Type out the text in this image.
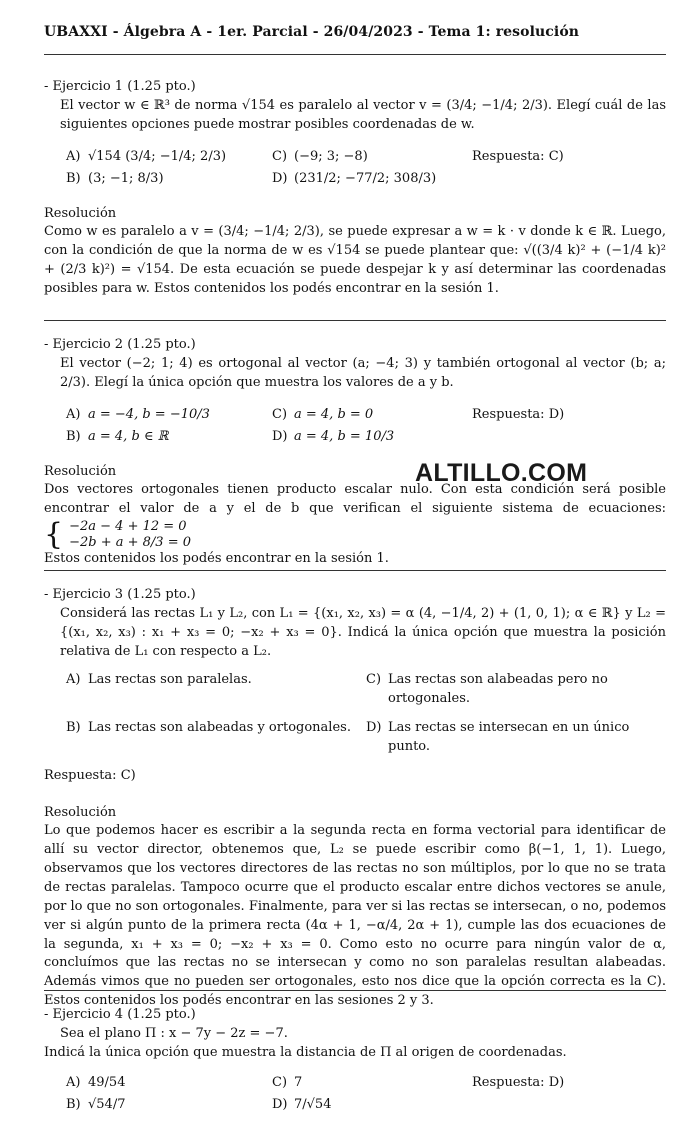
UBAXXI - Álgebra A - 1er. Parcial - 26/04/2023 - Tema 1: resolución

- Ejercicio 1 (1.25 pto.)

El vector w ∈ ℝ³ de norma √154 es paralelo al vector v = (3/4; −1/4; 2/3). Elegí cuál de las siguientes opciones puede mostrar posibles coordenadas de w.

A) √154 (3/4; −1/4; 2/3)	C) (−9; 3; −8)	Respuesta: C)
B) (3; −1; 8/3)	D) (231/2; −77/2; 308/3)

Resolución

Como w es paralelo a v = (3/4; −1/4; 2/3), se puede expresar a w = k · v donde k ∈ ℝ. Luego, con la condición de que la norma de w es √154 se puede plantear que: √((3/4 k)² + (−1/4 k)² + (2/3 k)²) = √154. De esta ecuación se puede despejar k y así determinar las coordenadas posibles para w. Estos contenidos los podés encontrar en la sesión 1.

- Ejercicio 2 (1.25 pto.)

El vector (−2; 1; 4) es ortogonal al vector (a; −4; 3) y también ortogonal al vector (b; a; 2/3). Elegí la única opción que muestra los valores de a y b.

A) a = −4, b = −10/3	C) a = 4, b = 0	Respuesta: D)
B) a = 4, b ∈ ℝ	D) a = 4, b = 10/3

Resolución

Dos vectores ortogonales tienen producto escalar nulo. Con esta condición será posible encontrar el valor de a y el de b que verifican el siguiente sistema de ecuaciones:
{ −2a − 4 + 12 = 0
−2b + a + 8/3 = 0

Estos contenidos los podés encontrar en la sesión 1.

ALTILLO.COM

- Ejercicio 3 (1.25 pto.)

Considerá las rectas L₁ y L₂, con L₁ = {(x₁, x₂, x₃) = α (4, −1/4, 2) + (1, 0, 1); α ∈ ℝ} y L₂ = {(x₁, x₂, x₃) : x₁ + x₃ = 0; −x₂ + x₃ = 0}. Indicá la única opción que muestra la posición relativa de L₁ con respecto a L₂.

A) Las rectas son paralelas.	C) Las rectas son alabeadas pero no ortogonales.
B) Las rectas son alabeadas y ortogonales.	D) Las rectas se intersecan en un único punto.

Respuesta: C)

Resolución

Lo que podemos hacer es escribir a la segunda recta en forma vectorial para identificar de allí su vector director, obtenemos que, L₂ se puede escribir como β(−1, 1, 1). Luego, observamos que los vectores directores de las rectas no son múltiplos, por lo que no se trata de rectas paralelas. Tampoco ocurre que el producto escalar entre dichos vectores se anule, por lo que no son ortogonales. Finalmente, para ver si las rectas se intersecan, o no, podemos ver si algún punto de la primera recta (4α + 1, −α/4, 2α + 1), cumple las dos ecuaciones de la segunda, x₁ + x₃ = 0; −x₂ + x₃ = 0. Como esto no ocurre para ningún valor de α, concluímos que las rectas no se intersecan y como no son paralelas resultan alabeadas. Además vimos que no pueden ser ortogonales, esto nos dice que la opción correcta es la C). Estos contenidos los podés encontrar en las sesiones 2 y 3.

- Ejercicio 4 (1.25 pto.)

Sea el plano Π : x − 7y − 2z = −7.

Indicá la única opción que muestra la distancia de Π al origen de coordenadas.

A) 49/54	C) 7	Respuesta: D)
B) √54/7	D) 7/√54
